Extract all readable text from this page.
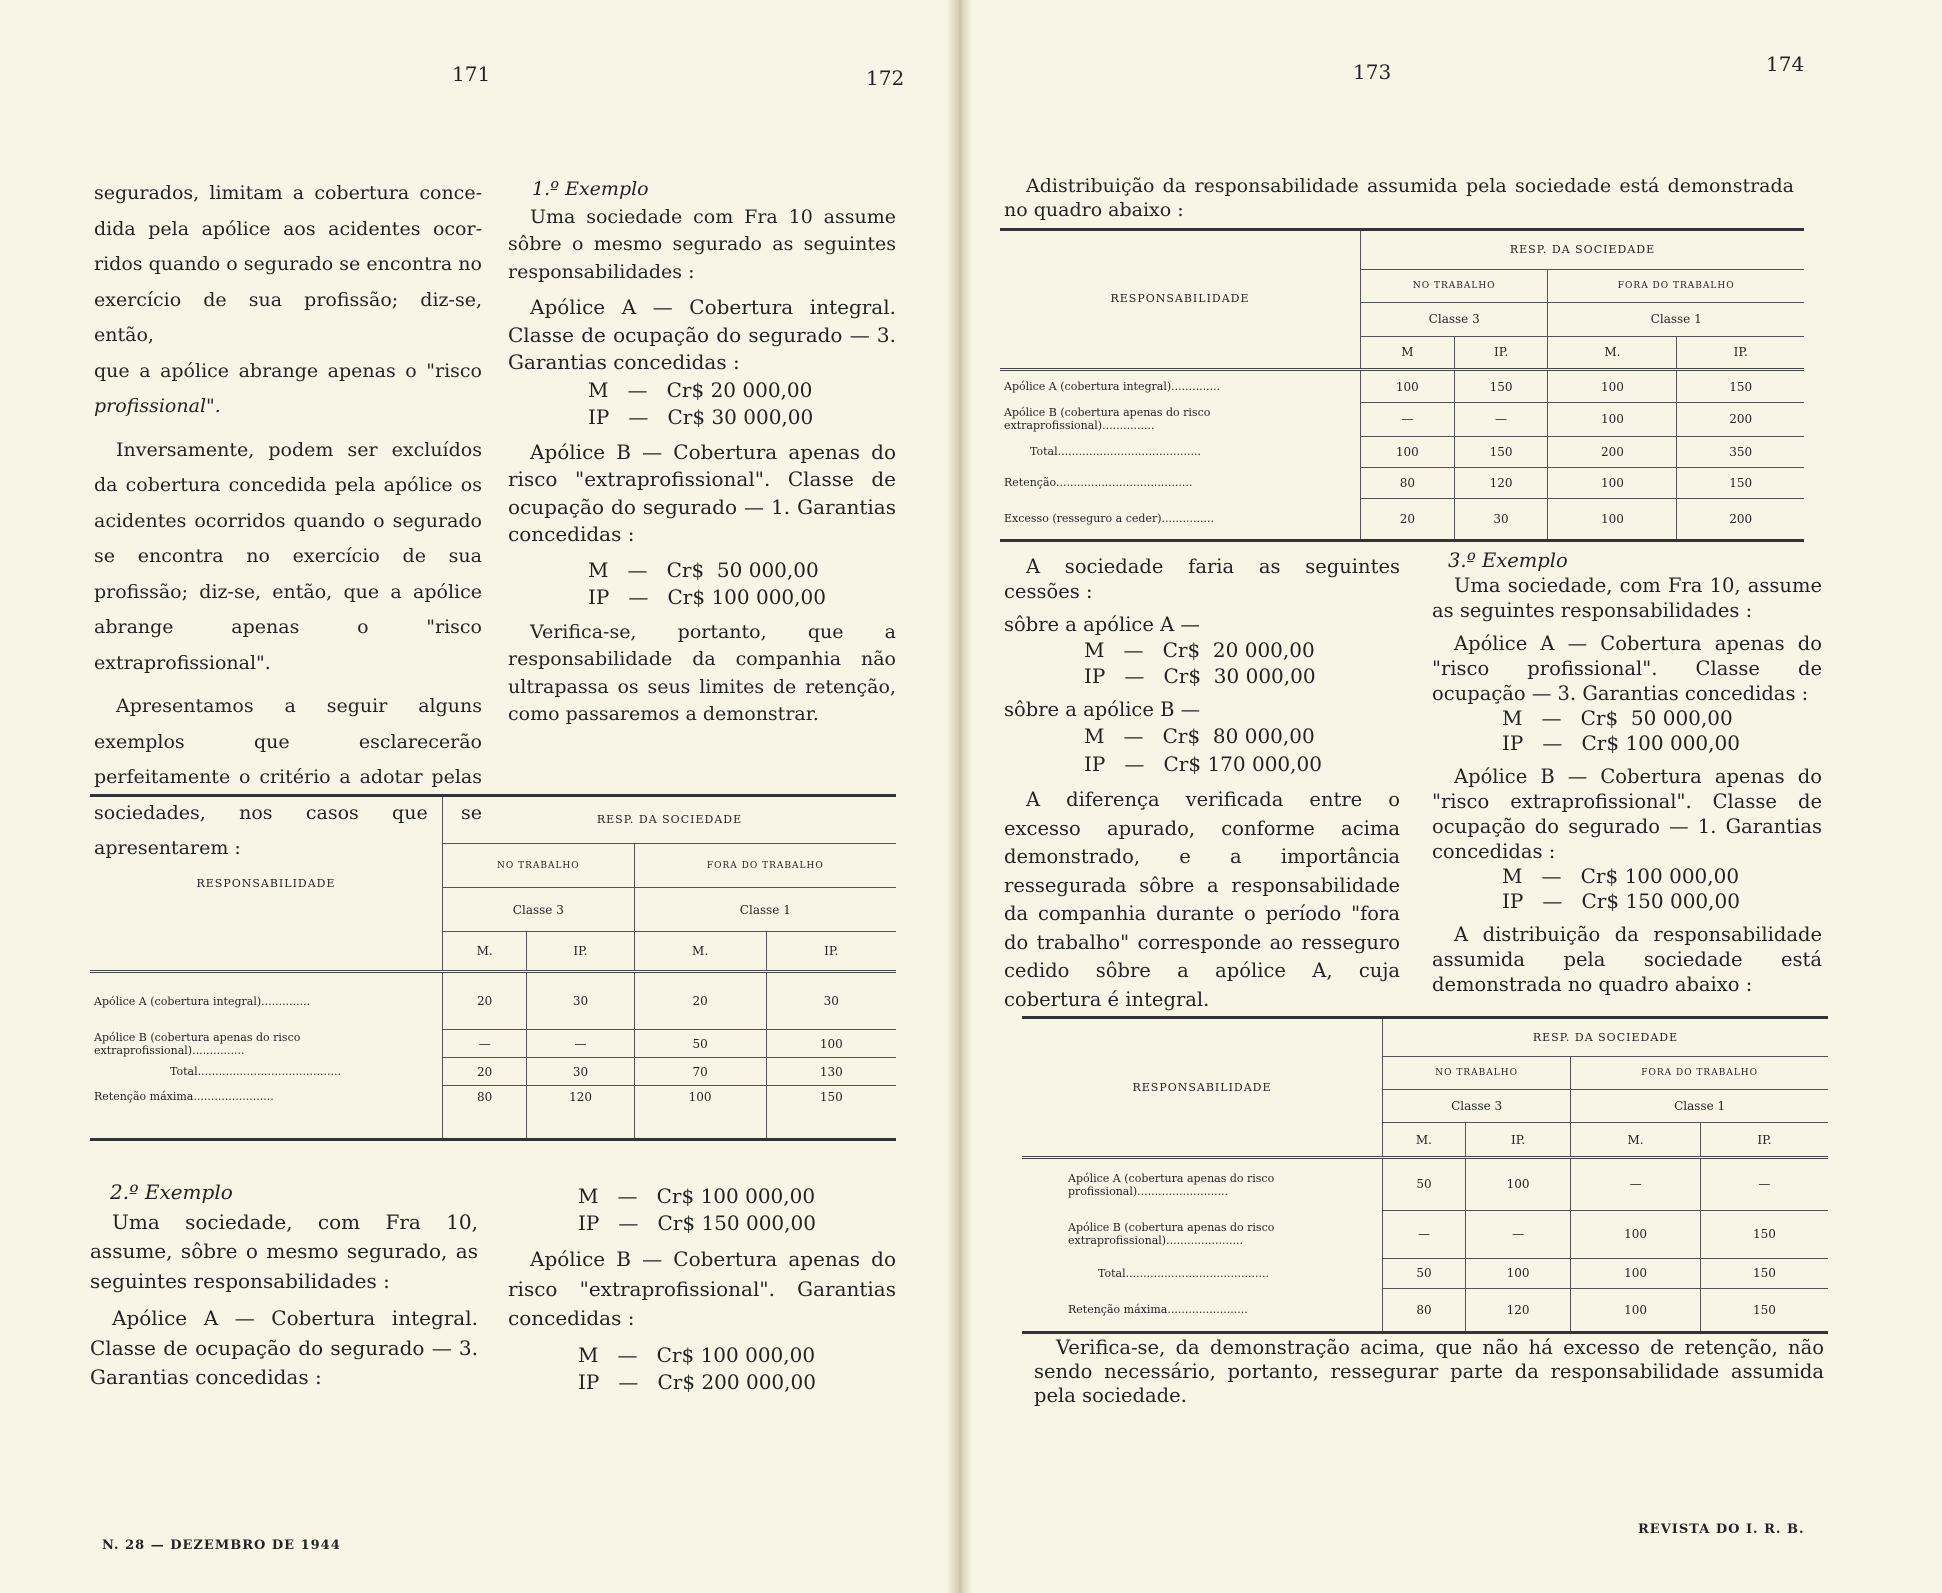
171	172	173	174

segurados, limitam a cobertura conce-

dida pela apólice aos acidentes ocor-

ridos quando o segurado se encontra no

exercício de sua profissão; diz-se, então,

que a apólice abrange apenas o "risco

profissional".

Inversamente, podem ser excluídos da cobertura concedida pela apólice os acidentes ocorridos quando o segurado se encontra no exercício de sua profissão; diz-se, então, que a apólice abrange apenas o "risco extraprofissional".

Apresentamos a seguir alguns exemplos que esclarecerão perfeitamente o critério a adotar pelas sociedades, nos casos que se apresentarem :

1.º Exemplo

Uma sociedade com Fra 10 assume sôbre o mesmo segurado as seguintes responsabilidades :

Apólice A — Cobertura integral. Classe de ocupação do segurado — 3. Garantias concedidas :

M   —   Cr$ 20 000,00

IP   —   Cr$ 30 000,00

Apólice B — Cobertura apenas do risco "extraprofissional". Classe de ocupação do segurado — 1. Garantias concedidas :

M   —   Cr$  50 000,00

IP   —   Cr$ 100 000,00

Verifica-se, portanto, que a responsabilidade da companhia não ultrapassa os seus limites de retenção, como passaremos a demonstrar.

RESPONSABILIDADE	RESP. DA SOCIEDADE			
	NO TRABALHO		FORA DO TRABALHO	
	Classe 3		Classe 1	
	M.	IP.	M.	IP.
Apólice A (cobertura integral)..............	20	30	20	30
Apólice B (cobertura apenas do risco extraprofissional)...............	—	—	50	100
Total.........................................	20	30	70	130
Retenção máxima.......................	80	120	100	150

2.º Exemplo

Uma sociedade, com Fra 10, assume, sôbre o mesmo segurado, as seguintes responsabilidades :

Apólice A — Cobertura integral. Classe de ocupação do segurado — 3. Garantias concedidas :

M   —   Cr$ 100 000,00

IP   —   Cr$ 150 000,00

Apólice B — Cobertura apenas do risco "extraprofissional". Garantias concedidas :

M   —   Cr$ 100 000,00

IP   —   Cr$ 200 000,00

N. 28 — DEZEMBRO DE 1944

Adistribuição da responsabilidade assumida pela sociedade está demonstrada no quadro abaixo :

RESPONSABILIDADE	RESP. DA SOCIEDADE			
	NO TRABALHO		FORA DO TRABALHO	
	Classe 3		Classe 1	
	M	IP.	M.	IP.
Apólice A (cobertura integral)..............	100	150	100	150
Apólice B (cobertura apenas do risco extraprofissional)...............	—	—	100	200
Total.........................................	100	150	200	350
Retenção.......................................	80	120	100	150
Excesso (ressegurо a ceder)...............	20	30	100	200

A sociedade faria as seguintes cessões :

sôbre a apólice A —

M   —   Cr$  20 000,00

IP   —   Cr$  30 000,00

sôbre a apólice B —

M   —   Cr$  80 000,00

IP   —   Cr$ 170 000,00

A diferença verificada entre o excesso apurado, conforme acima demonstrado, e a importância ressegurada sôbre a responsabilidade da companhia durante o período "fora do trabalho" corresponde ao resseguro cedido sôbre a apólice A, cuja cobertura é integral.

3.º Exemplo

Uma sociedade, com Fra 10, assume as seguintes responsabilidades :

Apólice A — Cobertura apenas do "risco profissional". Classe de ocupação — 3. Garantias concedidas :

M   —   Cr$  50 000,00

IP   —   Cr$ 100 000,00

Apólice B — Cobertura apenas do "risco extraprofissional". Classe de ocupação do segurado — 1. Garantias concedidas :

M   —   Cr$ 100 000,00

IP   —   Cr$ 150 000,00

A distribuição da responsabilidade assumida pela sociedade está demonstrada no quadro abaixo :

RESPONSABILIDADE	RESP. DA SOCIEDADE			
	NO TRABALHO		FORA DO TRABALHO	
	Classe 3		Classe 1	
	M.	IP.	M.	IP.
Apólice A (cobertura apenas do risco profissional)..........................	50	100	—	—
Apólice B (cobertura apenas do risco extraprofissional)......................	—	—	100	150
Total.........................................	50	100	100	150
Retenção máxima.......................	80	120	100	150

Verifica-se, da demonstração acima, que não há excesso de retenção, não sendo necessário, portanto, ressegurar parte da responsabilidade assumida pela sociedade.

REVISTA DO I. R. B.
